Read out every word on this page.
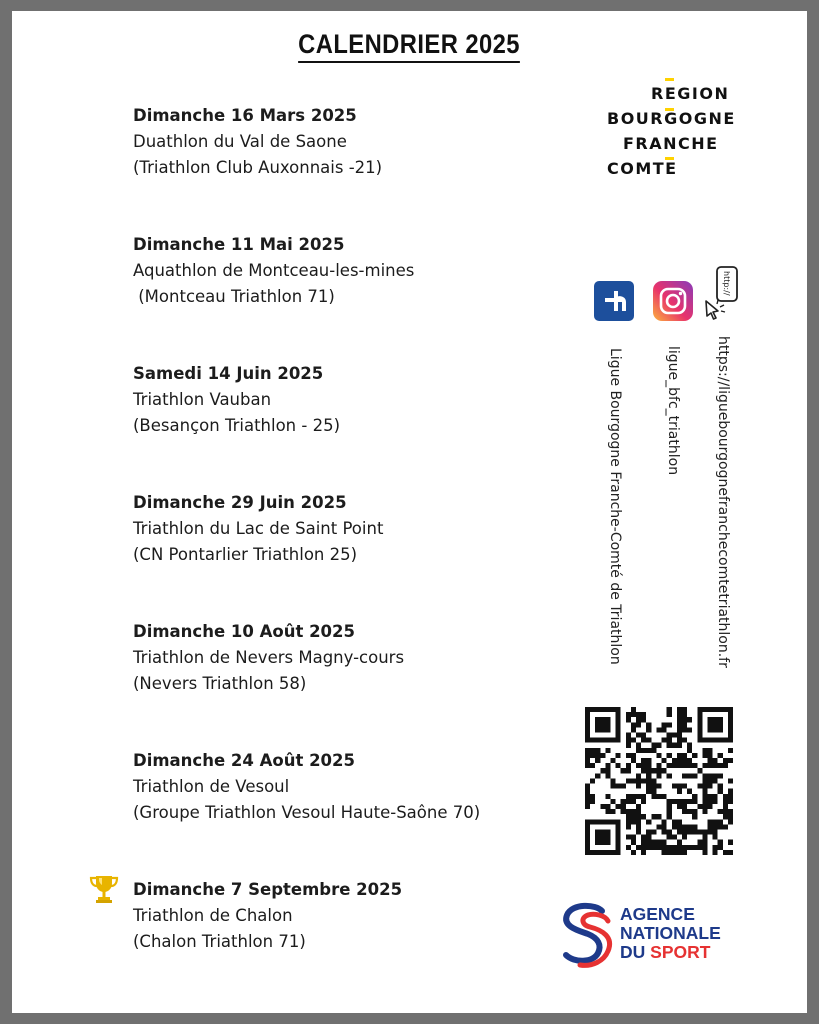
CALENDRIER 2025
Dimanche 16 Mars 2025
Duathlon du Val de Saone
(Triathlon Club Auxonnais -21)
Dimanche 11 Mai 2025
Aquathlon de Montceau-les-mines
(Montceau Triathlon 71)
Samedi 14 Juin 2025
Triathlon Vauban
(Besançon Triathlon - 25)
Dimanche 29 Juin 2025
Triathlon du Lac de Saint Point
(CN Pontarlier Triathlon 25)
Dimanche 10 Août 2025
Triathlon de Nevers Magny-cours
(Nevers Triathlon 58)
Dimanche 24 Août 2025
Triathlon de Vesoul
(Groupe Triathlon Vesoul Haute-Saône 70)
Dimanche 7 Septembre 2025
Triathlon de Chalon
(Chalon Triathlon 71)
REGION
BOURGOGNE
FRANCHE
COMTE
http://
Ligue Bourgogne Franche-Comté de Triathlon	ligue_bfc_triathlon https://liguebourgognefranchecomtetriathlon.fr
AGENCE
NATIONALE
DU SPORT
